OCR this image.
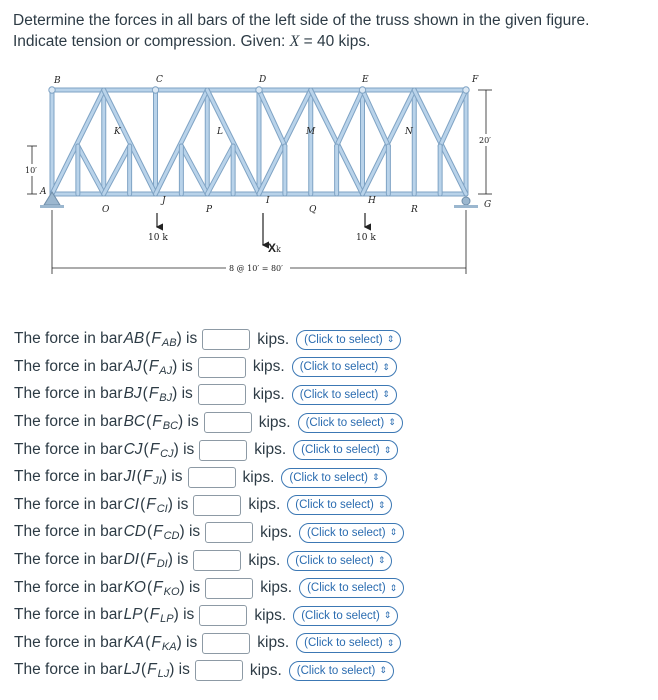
Determine the forces in all bars of the left side of the truss shown in the given figure.
Indicate tension or compression. Given: X = 40 kips.
B	C	D	E	F
K	L	M	N
A
O
J
P
I
Q
H
R	G
10 k
Xk
10 k
10′
20′
8 @ 10′ = 80′
The force in bar AB $(F_{AB})$ is	kips. (Click to select) ⇕
The force in bar AJ $(F_{AJ})$ is	kips. (Click to select) ⇕
The force in bar BJ $(F_{BJ})$ is	kips. (Click to select) ⇕
The force in bar BC $(F_{BC})$ is	kips. (Click to select) ⇕
The force in bar CJ $(F_{CJ})$ is	kips. (Click to select) ⇕
The force in bar JI $(F_{JI})$ is	kips. (Click to select) ⇕
The force in bar CI $(F_{CI})$ is	kips. (Click to select) ⇕
The force in bar CD $(F_{CD})$ is	kips. (Click to select) ⇕
The force in bar DI $(F_{DI})$ is	kips. (Click to select) ⇕
The force in bar KO $(F_{KO})$ is	kips. (Click to select) ⇕
The force in bar LP $(F_{LP})$ is	kips. (Click to select) ⇕
The force in bar KA $(F_{KA})$ is	kips. (Click to select) ⇕
The force in bar LJ $(F_{LJ})$ is	kips. (Click to select) ⇕
